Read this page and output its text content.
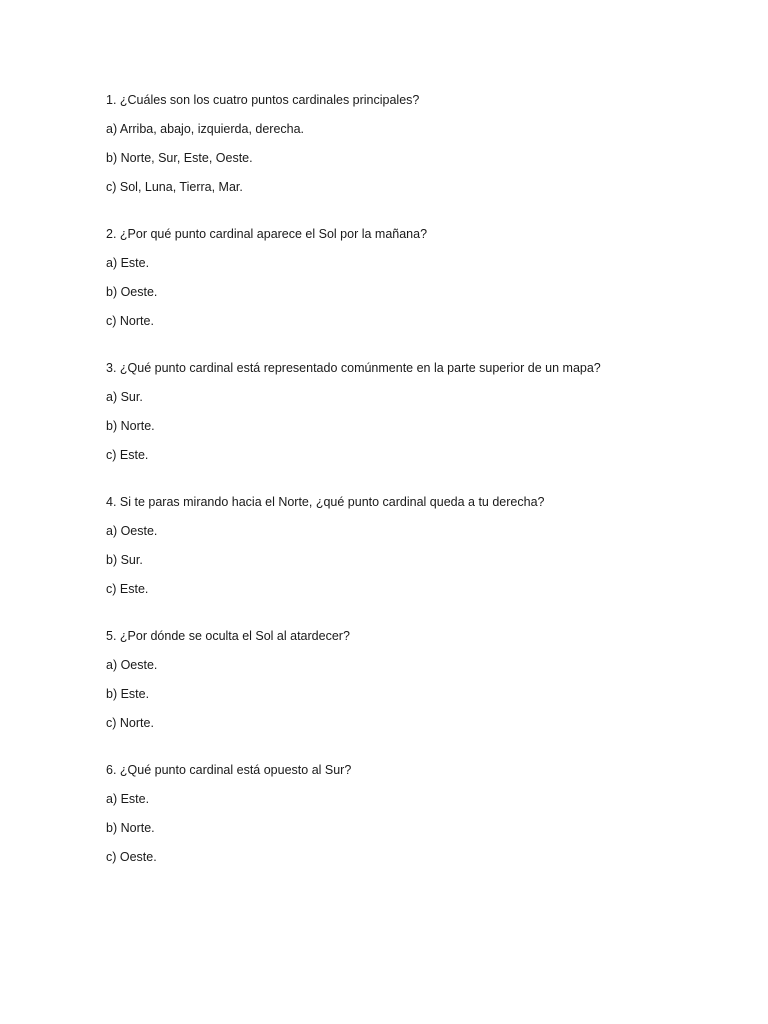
1. ¿Cuáles son los cuatro puntos cardinales principales?
a) Arriba, abajo, izquierda, derecha.
b) Norte, Sur, Este, Oeste.
c) Sol, Luna, Tierra, Mar.
2. ¿Por qué punto cardinal aparece el Sol por la mañana?
a) Este.
b) Oeste.
c) Norte.
3. ¿Qué punto cardinal está representado comúnmente en la parte superior de un mapa?
a) Sur.
b) Norte.
c) Este.
4. Si te paras mirando hacia el Norte, ¿qué punto cardinal queda a tu derecha?
a) Oeste.
b) Sur.
c) Este.
5. ¿Por dónde se oculta el Sol al atardecer?
a) Oeste.
b) Este.
c) Norte.
6. ¿Qué punto cardinal está opuesto al Sur?
a) Este.
b) Norte.
c) Oeste.
